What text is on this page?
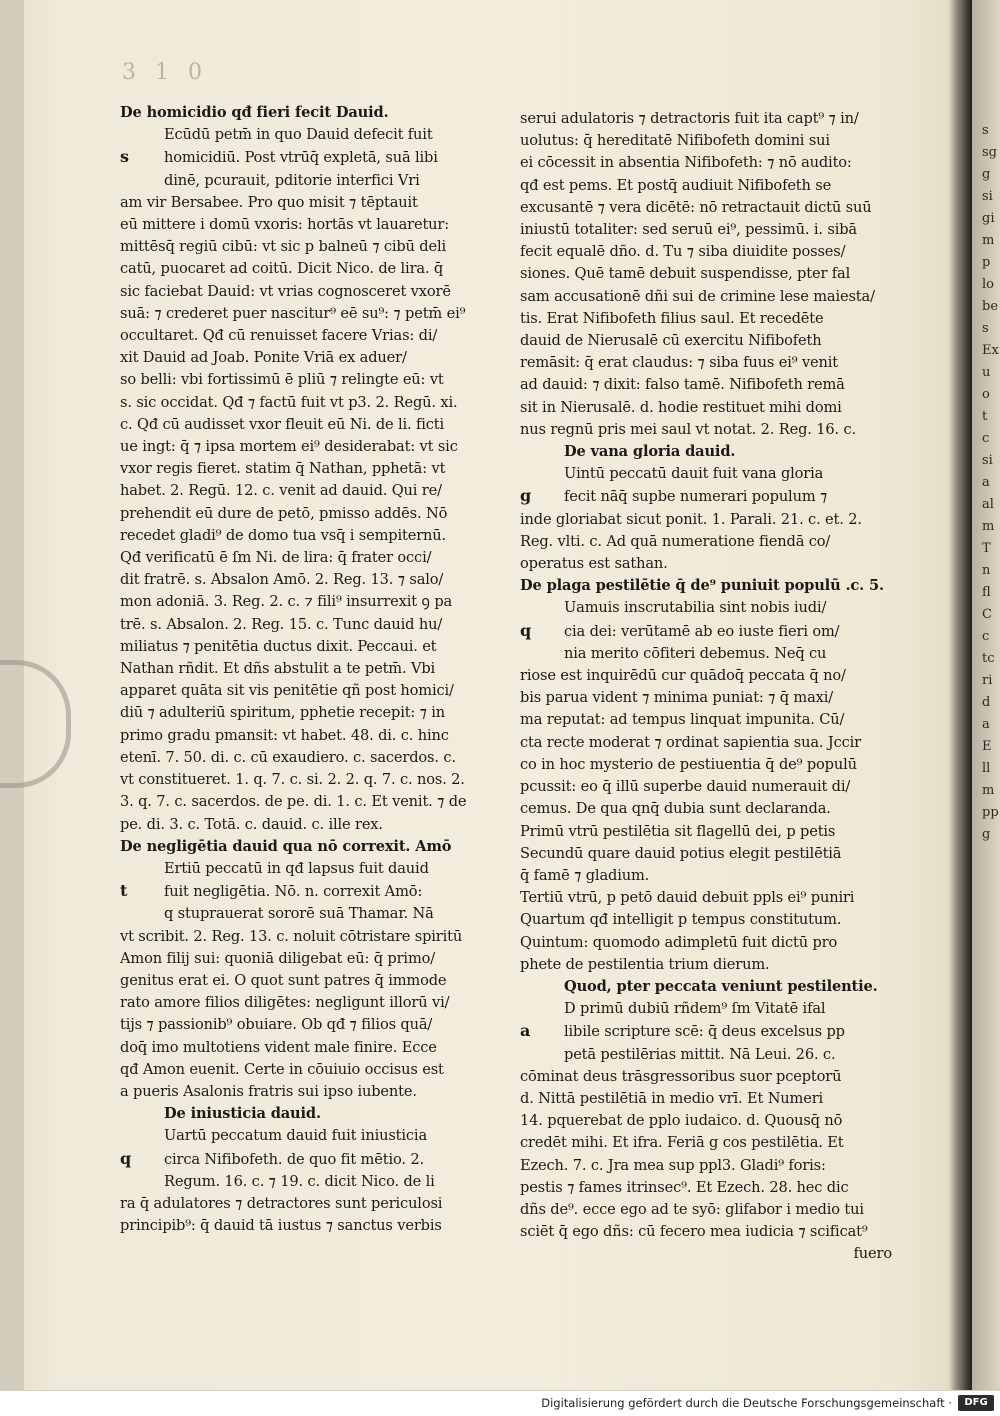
3 1 0
De homicidio qđ fieri fecit Dauid.
Ecūdū petm̄ in quo Dauid defecit fuit
s homicidiū. Post vtrūq̄ expletā, suā libi
dinē, pcurauit, pditorie interfici Vri
am vir Bersabee. Pro quo misit ⁊ tēptauit
eū mittere i domū vxoris: hortās vt lauaretur:
mittēsq̄ regiū cibū: vt sic p balneū ⁊ cibū deli
catū, puocaret ad coitū. Dicit Nico. de lira. q̄
sic faciebat Dauid: vt vrias cognosceret vxorē
suā: ⁊ crederet puer nascitur⁹ eē su⁹: ⁊ petm̄ ei⁹
occultaret. Qđ cū renuisset facere Vrias: di/
xit Dauid ad Joab. Ponite Vriā ex aduer/
so belli: vbi fortissimū ē pliū ⁊ relingte eū: vt
s. sic occidat. Qđ ⁊ factū fuit vt p3. 2. Regū. xi.
c. Qđ cū audisset vxor fleuit eū Ni. de li. ficti
ue ingt: q̄ ⁊ ipsa mortem ei⁹ desiderabat: vt sic
vxor regis fieret. statim q̄ Nathan, pphetā: vt
habet. 2. Regū. 12. c. venit ad dauid. Qui re/
prehendit eū dure de petō, pmisso addēs. Nō
recedet gladi⁹ de domo tua vsq̄ i sempiternū.
Qđ verificatū ē ſm Ni. de lira: q̄ frater occi/
dit fratrē. s. Absalon Amō. 2. Reg. 13. ⁊ salo/
mon adoniā. 3. Reg. 2. c. ⁊ fili⁹ insurrexit ꝯ pa
trē. s. Absalon. 2. Reg. 15. c. Tunc dauid hu/
miliatus ⁊ penitētia ductus dixit. Peccaui. et
Nathan rñdit. Et dñs abstulit a te petm̄. Vbi
apparet quāta sit vis penitētie qñ post homici/
diū ⁊ adulteriū spiritum, pphetie recepit: ⁊ in
primo gradu pmansit: vt habet. 48. di. c. hinc
etenī. 7. 50. di. c. cū exaudiero. c. sacerdos. c.
vt constitueret. 1. q. 7. c. si. 2. 2. q. 7. c. nos. 2.
3. q. 7. c. sacerdos. de pe. di. 1. c. Et venit. ⁊ de
pe. di. 3. c. Totā. c. dauid. c. ille rex.
De negligētia dauid qua nō correxit. Amō
Ertiū peccatū in qđ lapsus fuit dauid
t	fuit negligētia. Nō. n. correxit Amō:
q stuprauerat sororē suā Thamar. Nā
vt scribit. 2. Reg. 13. c. noluit cōtristare spiritū
Amon filij sui: quoniā diligebat eū: q̄ primo/
genitus erat ei. O quot sunt patres q̄ immode
rato amore filios diligētes: negligunt illorū vi/
tijs ⁊ passionib⁹ obuiare. Ob qđ ⁊ filios quā/
doq̄ imo multotiens vident male finire. Ecce
qđ Amon euenit. Certe in cōuiuio occisus est
a pueris Asalonis fratris sui ipso iubente.
De iniusticia dauid.
Uartū peccatum dauid fuit iniusticia
q circa Nifibofeth. de quo fit mētio. 2.
Regum. 16. c. ⁊ 19. c. dicit Nico. de li
ra q̄ adulatores ⁊ detractores sunt periculosi
principib⁹: q̄ dauid tā iustus ⁊ sanctus verbis
serui adulatoris ⁊ detractoris fuit ita capt⁹ ⁊ in/
uolutus: q̄ hereditatē Nifibofeth domini sui
ei cōcessit in absentia Nifibofeth: ⁊ nō audito:
qđ est pems. Et postq̄ audiuit Nifibofeth se
excusantē ⁊ vera dicētē: nō retractauit dictū suū
iniustū totaliter: sed seruū ei⁹, pessimū. i. sibā
fecit equalē dño. d. Tu ⁊ siba diuidite posses/
siones. Quē tamē debuit suspendisse, pter fal
sam accusationē dñi sui de crimine lese maiesta/
tis. Erat Nifibofeth filius saul. Et recedēte
dauid de Nierusalē cū exercitu Nifibofeth
remāsit: q̄ erat claudus: ⁊ siba fuus ei⁹ venit
ad dauid: ⁊ dixit: falso tamē. Nifibofeth remā
sit in Nierusalē. d. hodie restituet mihi domi
nus regnū pris mei saul vt notat. 2. Reg. 16. c.
De vana gloria dauid.
Uintū peccatū dauit fuit vana gloria
g fecit nāq̄ supbe numerari populum ⁊
inde gloriabat sicut ponit. 1. Parali. 21. c. et. 2.
Reg. vlti. c. Ad quā numeratione fiendā co/
operatus est sathan.
De plaga pestilētie q̄ de⁹ puniuit populū .c. 5.
Uamuis inscrutabilia sint nobis iudi/
q cia dei: verūtamē ab eo iuste fieri om/
nia merito cōfiteri debemus. Neq̄ cu
riose est inquirēdū cur quādoq̄ peccata q̄ no/
bis parua vident ⁊ minima puniat: ⁊ q̄ maxi/
ma reputat: ad tempus linquat impunita. Cū/
cta recte moderat ⁊ ordinat sapientia sua. Jccir
co in hoc mysterio de pestiuentia q̄ de⁹ populū
pcussit: eo q̄ illū superbe dauid numerauit di/
cemus. De qua qnq̄ dubia sunt declaranda.
Primū vtrū pestilētia sit flagellū dei, p petis
Secundū quare dauid potius elegit pestilētiā
q̄ famē ⁊ gladium.
Tertiū vtrū, p petō dauid debuit ppls ei⁹ puniri
Quartum qđ intelligit p tempus constitutum.
Quintum: quomodo adimpletū fuit dictū pro
phete de pestilentia trium dierum.
Quod, pter peccata veniunt pestilentie.
D primū dubiū rñdem⁹ ſm Vitatē ifal
a libile scripture scē: q̄ deus excelsus pp
petā pestilērias mittit. Nā Leui. 26. c.
cōminat deus trāsgressoribus suor pceptorū
d. Nittā pestilētiā in medio vrī. Et Numeri
14. pquerebat de pplo iudaico. d. Quousq̄ nō
credēt mihi. Et ifra. Feriā g cos pestilētia. Et
Ezech. 7. c. Jra mea sup ppl3. Gladi⁹ foris:
pestis ⁊ fames itrinsec⁹. Et Ezech. 28. hec dic
dñs de⁹. ecce ego ad te syō: glifabor i medio tui
sciēt q̄ ego dñs: cū fecero mea iudicia ⁊ scificat⁹
fuero
s
sg
g
si
gi
m
p
lo
be
s
Ex
u
o
t
c
si
a
al
m
T
n
fl
C
c
tc
ri
d
a
E
ll
m
pp
g
Digitalisierung gefördert durch die Deutsche Forschungsgemeinschaft ·	DFG
